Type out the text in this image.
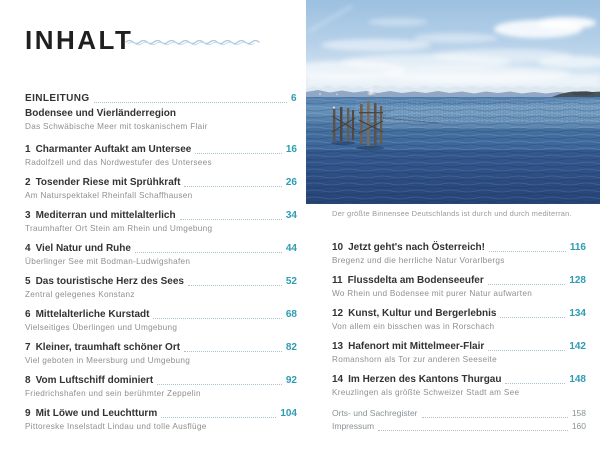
INHALT

Der größte Binnensee Deutschlands ist durch und durch mediterran.

EINLEITUNG	6
Bodensee und Vierländerregion
Das Schwäbische Meer mit toskanischem Flair
1 Charmanter Auftakt am Untersee	16
Radolfzell und das Nordwestufer des Untersees
2 Tosender Riese mit Sprühkraft	26
Am Naturspektakel Rheinfall Schaffhausen
3 Mediterran und mittelalterlich	34
Traumhafter Ort Stein am Rhein und Umgebung
4 Viel Natur und Ruhe	44
Überlinger See mit Bodman-Ludwigshafen
5 Das touristische Herz des Sees	52
Zentral gelegenes Konstanz
6 Mittelalterliche Kurstadt	68
Vielseitiges Überlingen und Umgebung
7 Kleiner, traumhaft schöner Ort	82
Viel geboten in Meersburg und Umgebung
8 Vom Luftschiff dominiert	92
Friedrichshafen und sein berühmter Zeppelin
9 Mit Löwe und Leuchtturm	104
Pittoreske Inselstadt Lindau und tolle Ausflüge
10 Jetzt geht's nach Österreich!	116
Bregenz und die herrliche Natur Vorarlbergs
11 Flussdelta am Bodenseeufer	128
Wo Rhein und Bodensee mit purer Natur aufwarten
12 Kunst, Kultur und Bergerlebnis	134
Von allem ein bisschen was in Rorschach
13 Hafenort mit Mittelmeer-Flair	142
Romanshorn als Tor zur anderen Seeseite
14 Im Herzen des Kantons Thurgau	148
Kreuzlingen als größte Schweizer Stadt am See
Orts- und Sachregister	158
Impressum	160
